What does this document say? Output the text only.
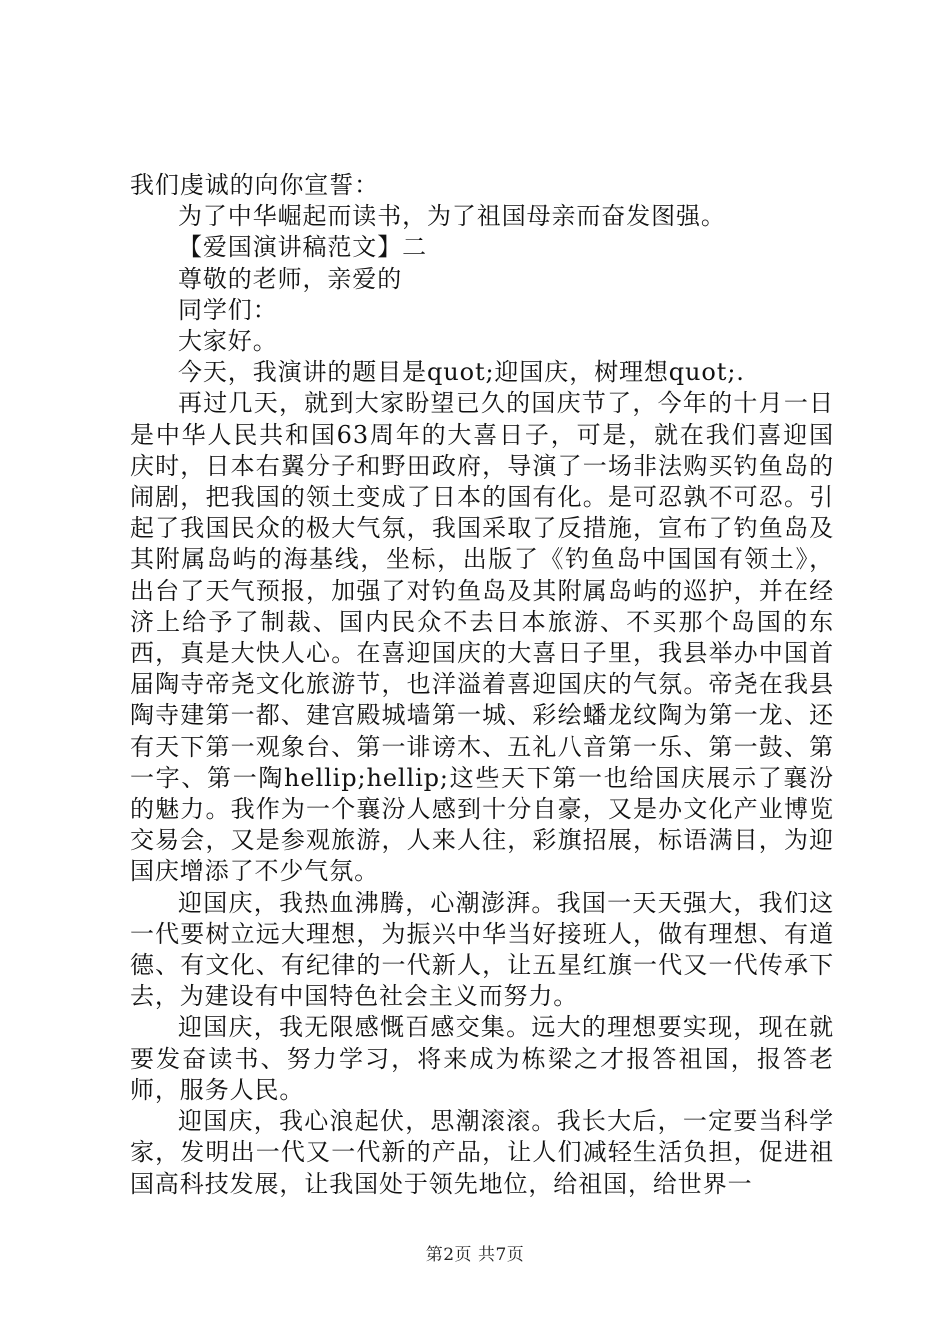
我们虔诚的向你宣誓：

为了中华崛起而读书，为了祖国母亲而奋发图强。

【爱国演讲稿范文】二

尊敬的老师，亲爱的

同学们：

大家好。

今天，我演讲的题目是quot;迎国庆，树理想quot;.

再过几天，就到大家盼望已久的国庆节了，今年的十月一日是中华人民共和国63周年的大喜日子，可是，就在我们喜迎国庆时，日本右翼分子和野田政府，导演了一场非法购买钓鱼岛的闹剧，把我国的领土变成了日本的国有化。是可忍孰不可忍。引起了我国民众的极大气氛，我国采取了反措施，宣布了钓鱼岛及其附属岛屿的海基线，坐标，出版了《钓鱼岛中国国有领土》，出台了天气预报，加强了对钓鱼岛及其附属岛屿的巡护，并在经济上给予了制裁、国内民众不去日本旅游、不买那个岛国的东西，真是大快人心。在喜迎国庆的大喜日子里，我县举办中国首届陶寺帝尧文化旅游节，也洋溢着喜迎国庆的气氛。帝尧在我县陶寺建第一都、建宫殿城墙第一城、彩绘蟠龙纹陶为第一龙、还有天下第一观象台、第一诽谤木、五礼八音第一乐、第一鼓、第一字、第一陶hellip;hellip;这些天下第一也给国庆展示了襄汾的魅力。我作为一个襄汾人感到十分自豪，又是办文化产业博览交易会，又是参观旅游，人来人往，彩旗招展，标语满目，为迎国庆增添了不少气氛。

迎国庆，我热血沸腾，心潮澎湃。我国一天天强大，我们这一代要树立远大理想，为振兴中华当好接班人，做有理想、有道德、有文化、有纪律的一代新人，让五星红旗一代又一代传承下去，为建设有中国特色社会主义而努力。

迎国庆，我无限感慨百感交集。远大的理想要实现，现在就要发奋读书、努力学习，将来成为栋梁之才报答祖国，报答老师，服务人民。

迎国庆，我心浪起伏，思潮滚滚。我长大后，一定要当科学家，发明出一代又一代新的产品，让人们减轻生活负担，促进祖国高科技发展，让我国处于领先地位，给祖国，给世界一

第2页 共7页
